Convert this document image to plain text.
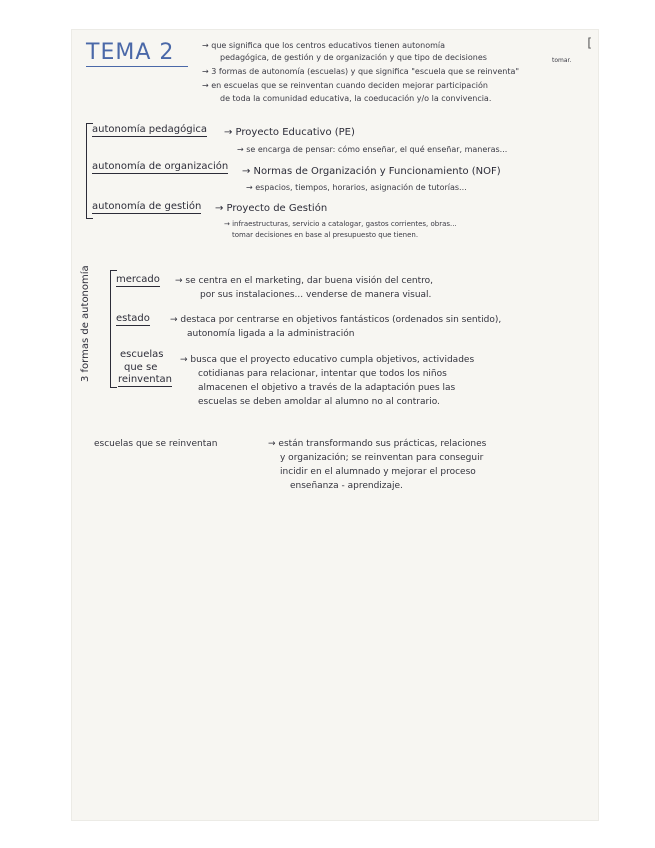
[
TEMA 2	→ que significa que los centros educativos tienen autonomía
pedagógica, de gestión y de organización y que tipo de decisiones
→ 3 formas de autonomía (escuelas) y que significa "escuela que se reinventa"
→ en escuelas que se reinventan cuando deciden mejorar participación
de toda la comunidad educativa, la coeducación y/o la convivencia.
tomar.
autonomía pedagógica → Proyecto Educativo (PE)
→ se encarga de pensar: cómo enseñar, el qué enseñar, maneras...
autonomía de organización → Normas de Organización y Funcionamiento (NOF)
→ espacios, tiempos, horarios, asignación de tutorías...
autonomía de gestión → Proyecto de Gestión
→ infraestructuras, servicio a catalogar, gastos corrientes, obras...
tomar decisiones en base al presupuesto que tienen.
3 formas de autonomía	mercado → se centra en el marketing, dar buena visión del centro,
por sus instalaciones... venderse de manera visual.
estado → destaca por centrarse en objetivos fantásticos (ordenados sin sentido),
autonomía ligada a la administración
escuelas
que se
reinventan
→ busca que el proyecto educativo cumpla objetivos, actividades
cotidianas para relacionar, intentar que todos los niños
almacenen el objetivo a través de la adaptación pues las
escuelas se deben amoldar al alumno no al contrario.
escuelas que se reinventan	→ están transformando sus prácticas, relaciones
y organización; se reinventan para conseguir
incidir en el alumnado y mejorar el proceso
enseñanza - aprendizaje.
